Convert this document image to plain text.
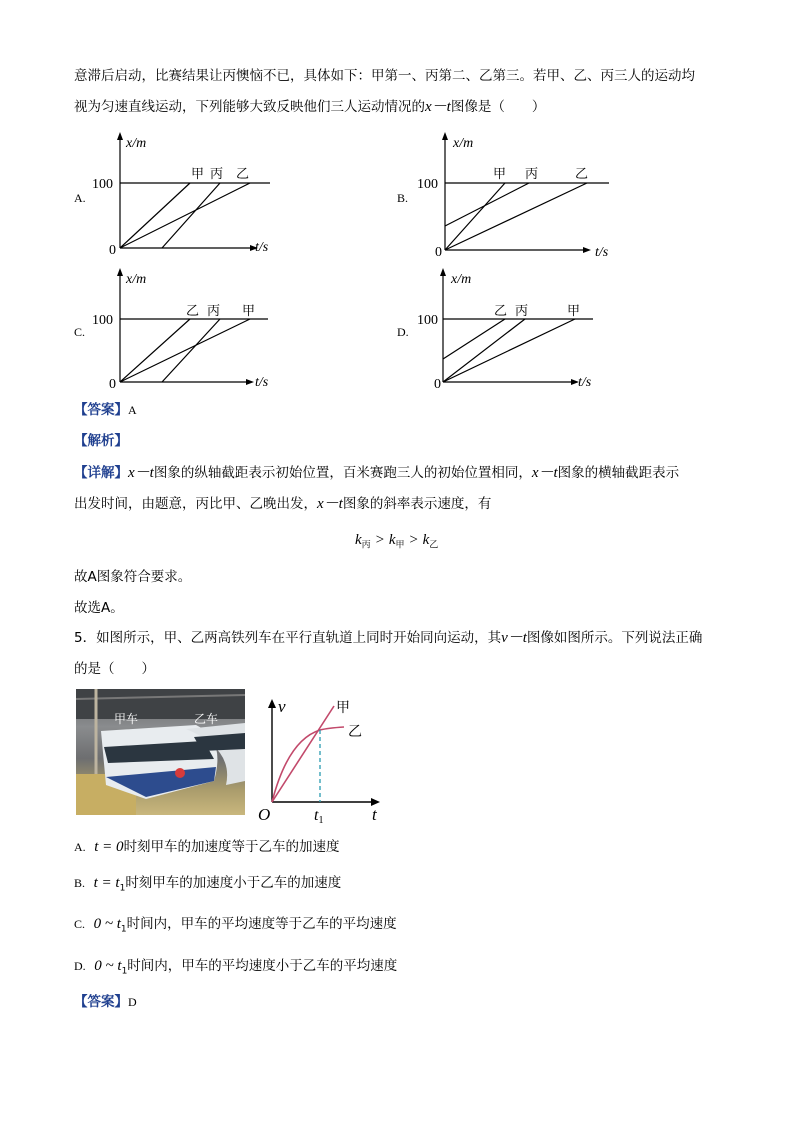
意滞后启动，比赛结果让丙懊恼不已，具体如下：甲第一、丙第二、乙第三。若甲、乙、丙三人的运动均
视为匀速直线运动，下列能够大致反映他们三人运动情况的x－t图像是（　　）
A.
x/m
t/s
100
0
甲 丙 乙
B.
x/m
t/s
100
0
甲 丙	乙
C.
x/m
t/s
100
0
乙 丙 甲
D.
x/m
t/s
100
0
乙 丙	甲
【答案】A
【解析】
【详解】x－t图象的纵轴截距表示初始位置，百米赛跑三人的初始位置相同，x－t图象的横轴截距表示
出发时间，由题意，丙比甲、乙晚出发，x－t图象的斜率表示速度，有
$k_丙 > k_甲 > k_乙$
故A图象符合要求。
故选A。
5．如图所示，甲、乙两高铁列车在平行直轨道上同时开始同向运动，其v－t图像如图所示。下列说法正确
的是（　　）
甲车	乙车
v
t
O	t1
甲
乙
A. t = 0时刻甲车的加速度等于乙车的加速度
B. $t = t_1$时刻甲车的加速度小于乙车的加速度
C. 0 ~ $t_1$时间内，甲车的平均速度等于乙车的平均速度
D. 0 ~ $t_1$时间内，甲车的平均速度小于乙车的平均速度
【答案】D
